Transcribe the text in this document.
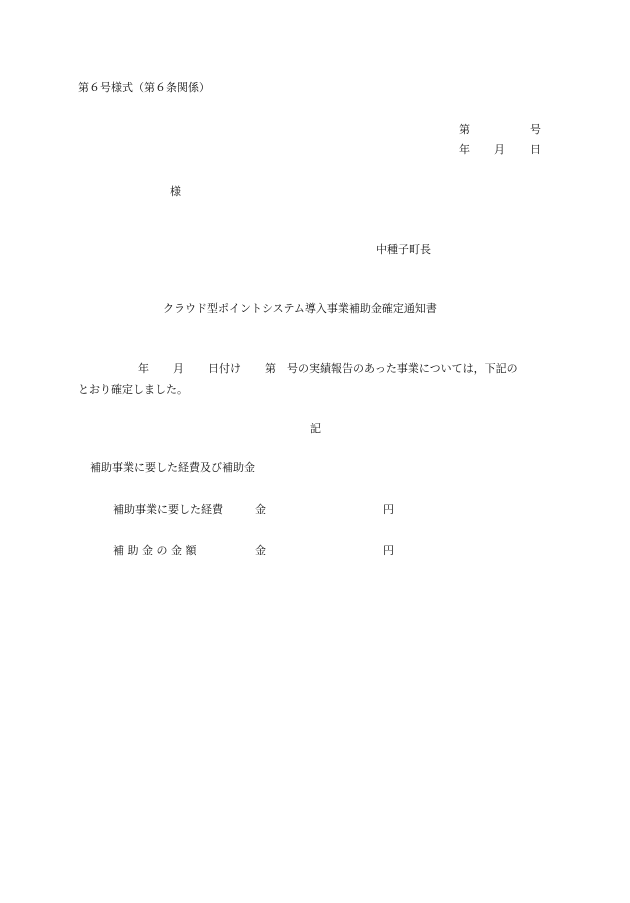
第６号様式（第６条関係）
第	号
年 月 日
様
中種子町長
クラウド型ポイントシステム導入事業補助金確定通知書
年 月 日付け 第 号の実績報告のあった事業については，下記の
とおり確定しました。
記
補助事業に要した経費及び補助金
補助事業に要した経費	金	円
補 助 金 の 金 額	金	円
